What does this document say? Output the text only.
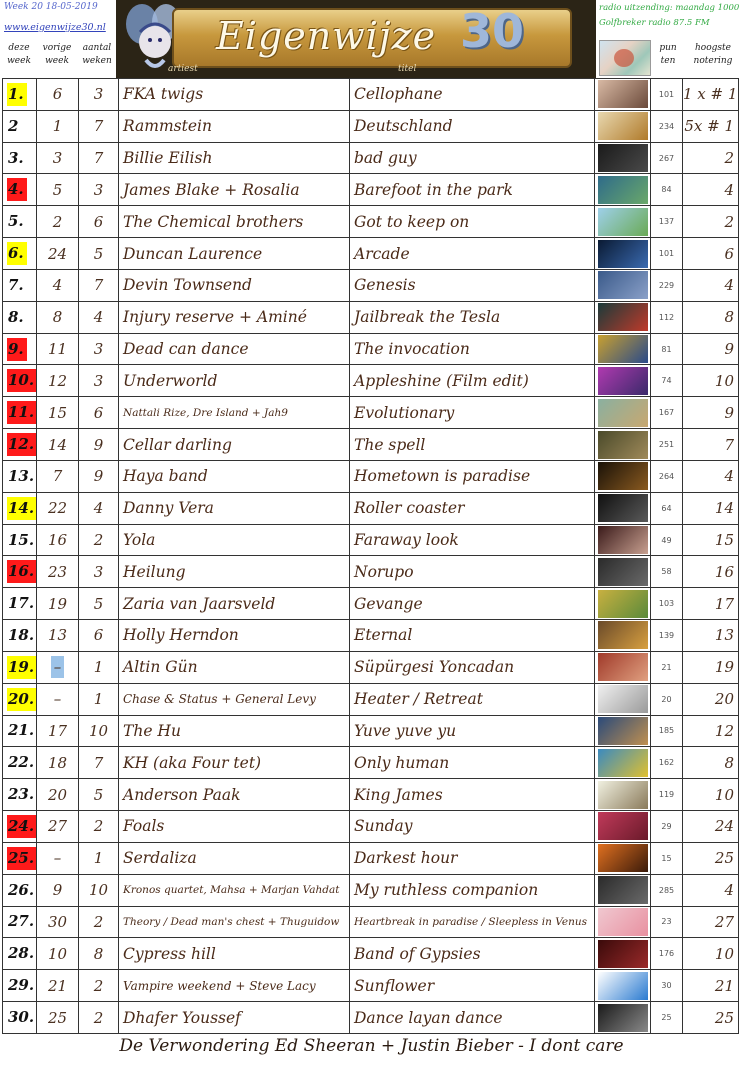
Week 20 18-05-2019
www.eigenwijze30.nl
deze
week
vorige
week
aantal
weken
Eigenwijze 30
artiest	titel
radio uitzending: maandag 1000
Golfbreker radio 87.5 FM
pun
ten
hoogste
notering
1.	6	3	FKA twigs	Cellophane		101	1 x # 1
2	1	7	Rammstein	Deutschland		234	5x # 1
3.	3	7	Billie Eilish	bad guy		267	2
4.	5	3	James Blake + Rosalia	Barefoot in the park		84	4
5.	2	6	The Chemical brothers	Got to keep on		137	2
6.	24	5	Duncan Laurence	Arcade		101	6
7.	4	7	Devin Townsend	Genesis		229	4
8.	8	4	Injury reserve + Aminé	Jailbreak the Tesla		112	8
9.	11	3	Dead can dance	The invocation		81	9
10.	12	3	Underworld	Appleshine (Film edit)		74	10
11.	15	6	Nattali Rize, Dre Island + Jah9	Evolutionary		167	9
12.	14	9	Cellar darling	The spell		251	7
13.	7	9	Haya band	Hometown is paradise		264	4
14.	22	4	Danny Vera	Roller coaster		64	14
15.	16	2	Yola	Faraway look		49	15
16.	23	3	Heilung	Norupo		58	16
17.	19	5	Zaria van Jaarsveld	Gevange		103	17
18.	13	6	Holly Herndon	Eternal		139	13
19.	–	1	Altin Gün	Süpürgesi Yoncadan		21	19
20.	–	1	Chase & Status + General Levy	Heater / Retreat		20	20
21.	17	10	The Hu	Yuve yuve yu		185	12
22.	18	7	KH (aka Four tet)	Only human		162	8
23.	20	5	Anderson Paak	King James		119	10
24.	27	2	Foals	Sunday		29	24
25.	–	1	Serdaliza	Darkest hour		15	25
26.	9	10	Kronos quartet, Mahsa + Marjan Vahdat	My ruthless companion		285	4
27.	30	2	Theory / Dead man's chest + Thuguidow	Heartbreak in paradise / Sleepless in Venus		23	27
28.	10	8	Cypress hill	Band of Gypsies		176	10
29.	21	2	Vampire weekend + Steve Lacy	Sunflower		30	21
30.	25	2	Dhafer Youssef	Dance layan dance		25	25
De Verwondering Ed Sheeran + Justin Bieber - I dont care
